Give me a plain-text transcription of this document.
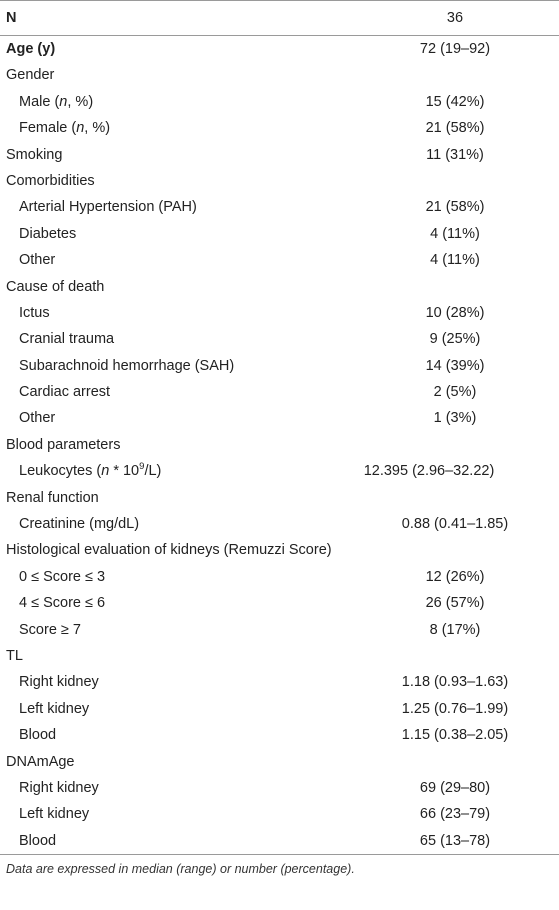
N	36
Age (y)	72 (19–92)
Gender
Male (n, %)	15 (42%)
Female (n, %)	21 (58%)
Smoking	11 (31%)
Comorbidities
Arterial Hypertension (PAH)	21 (58%)
Diabetes	4 (11%)
Other	4 (11%)
Cause of death
Ictus	10 (28%)
Cranial trauma	9 (25%)
Subarachnoid hemorrhage (SAH)	14 (39%)
Cardiac arrest	2 (5%)
Other	1 (3%)
Blood parameters
Leukocytes $(n * 10^9/L)$	12.395 (2.96–32.22)
Renal function
Creatinine (mg/dL)	0.88 (0.41–1.85)
Histological evaluation of kidneys (Remuzzi Score)
0 ≤ Score ≤ 3	12 (26%)
4 ≤ Score ≤ 6	26 (57%)
Score ≥ 7	8 (17%)
TL
Right kidney	1.18 (0.93–1.63)
Left kidney	1.25 (0.76–1.99)
Blood	1.15 (0.38–2.05)
DNAmAge
Right kidney	69 (29–80)
Left kidney	66 (23–79)
Blood	65 (13–78)
Data are expressed in median (range) or number (percentage).
